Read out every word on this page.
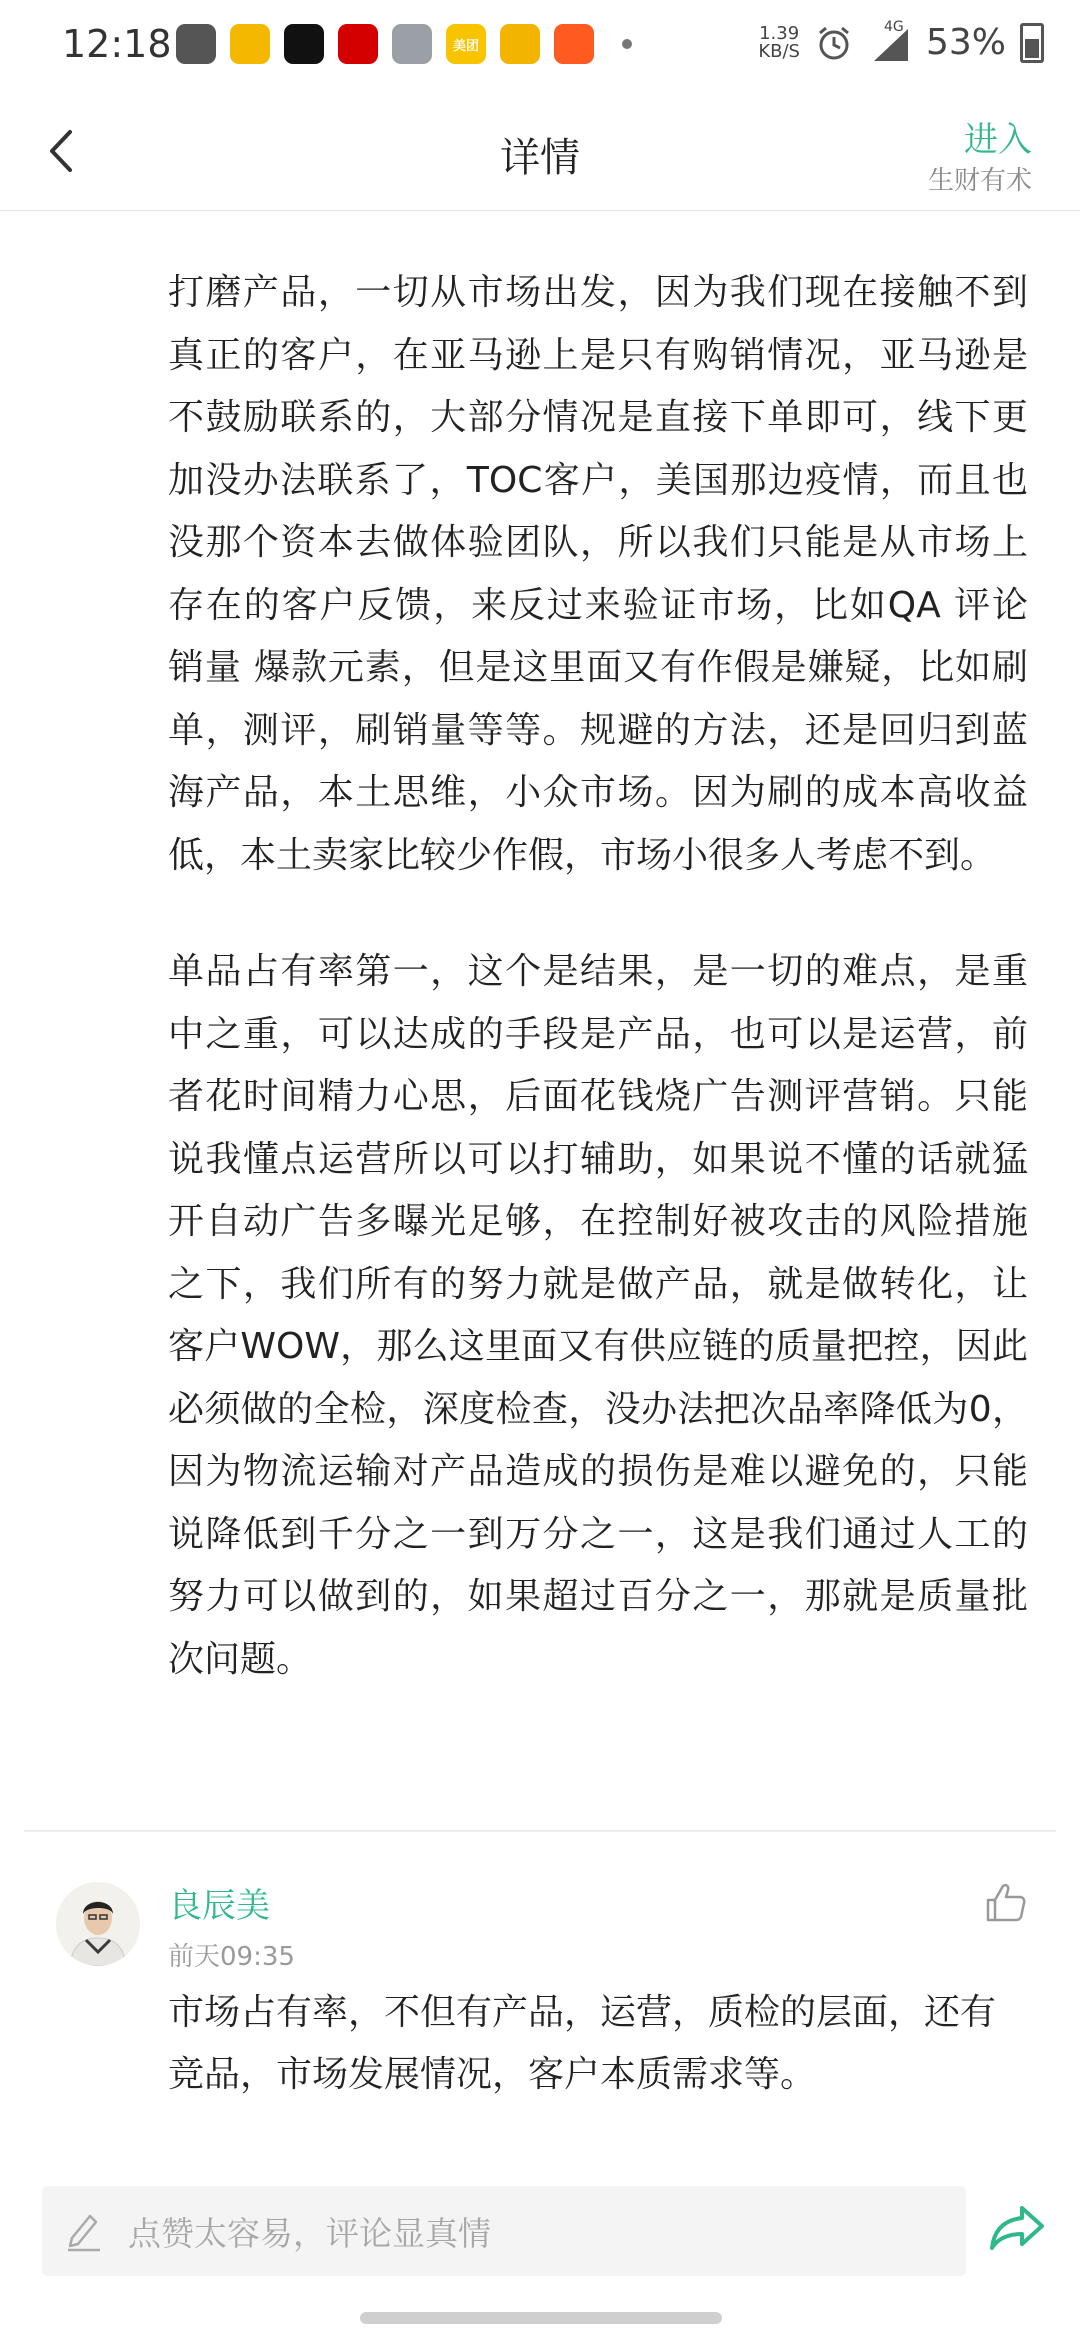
12:18	美团
1.39
KB/S
4G 53%
详情	进入
生财有术

打磨产品，一切从市场出发，因为我们现在接触不到真正的客户，在亚马逊上是只有购销情况，亚马逊是不鼓励联系的，大部分情况是直接下单即可，线下更加没办法联系了，TOC客户，美国那边疫情，而且也没那个资本去做体验团队，所以我们只能是从市场上存在的客户反馈，来反过来验证市场，比如QA 评论 销量 爆款元素，但是这里面又有作假是嫌疑，比如刷单，测评，刷销量等等。规避的方法，还是回归到蓝海产品，本土思维，小众市场。因为刷的成本高收益低，本土卖家比较少作假，市场小很多人考虑不到。

单品占有率第一，这个是结果，是一切的难点，是重中之重，可以达成的手段是产品，也可以是运营，前者花时间精力心思，后面花钱烧广告测评营销。只能说我懂点运营所以可以打辅助，如果说不懂的话就猛开自动广告多曝光足够，在控制好被攻击的风险措施之下，我们所有的努力就是做产品，就是做转化，让客户WOW，那么这里面又有供应链的质量把控，因此必须做的全检，深度检查，没办法把次品率降低为0，因为物流运输对产品造成的损伤是难以避免的，只能说降低到千分之一到万分之一，这是我们通过人工的努力可以做到的，如果超过百分之一，那就是质量批次问题。

良辰美
前天09:35
市场占有率，不但有产品，运营，质检的层面，还有竞品，市场发展情况，客户本质需求等。
点赞太容易，评论显真情
